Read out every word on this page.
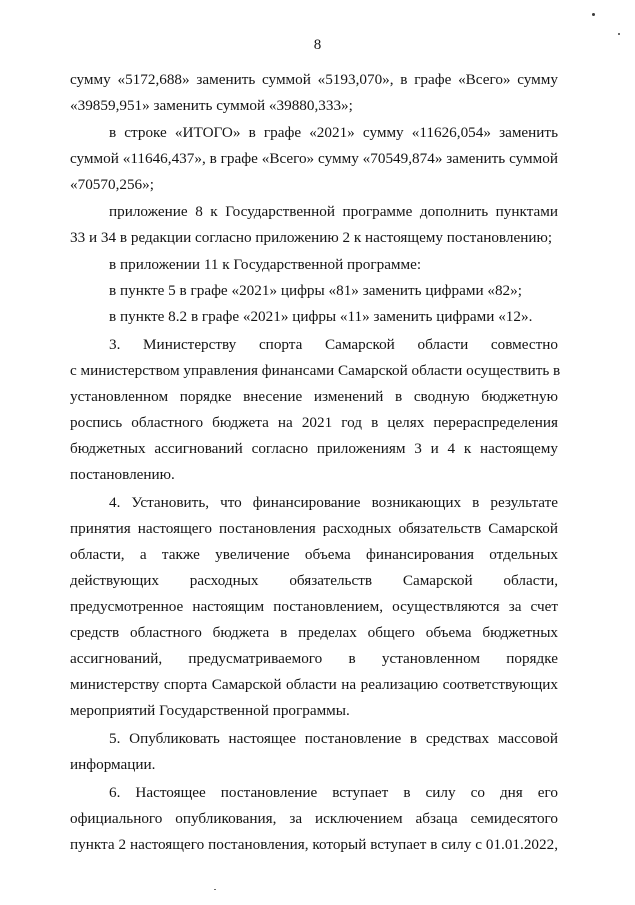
8
сумму «5172,688» заменить суммой «5193,070», в графе «Всего» сумму
«39859,951» заменить суммой «39880,333»;
в строке «ИТОГО» в графе «2021» сумму «11626,054» заменить
суммой «11646,437», в графе «Всего» сумму «70549,874» заменить суммой
«70570,256»;
приложение 8 к Государственной программе дополнить пунктами
33 и 34 в редакции согласно приложению 2 к настоящему постановлению;
в приложении 11 к Государственной программе:
в пункте 5 в графе «2021» цифры «81» заменить цифрами «82»;
в пункте 8.2 в графе «2021» цифры «11» заменить цифрами «12».
3. Министерству спорта Самарской области совместно
с министерством управления финансами Самарской области осуществить в
установленном порядке внесение изменений в сводную бюджетную
роспись областного бюджета на 2021 год в целях перераспределения
бюджетных ассигнований согласно приложениям 3 и 4 к настоящему
постановлению.
4. Установить, что финансирование возникающих в результате
принятия настоящего постановления расходных обязательств Самарской
области, а также увеличение объема финансирования отдельных
действующих расходных обязательств Самарской области,
предусмотренное настоящим постановлением, осуществляются за счет
средств областного бюджета в пределах общего объема бюджетных
ассигнований, предусматриваемого в установленном порядке
министерству спорта Самарской области на реализацию соответствующих
мероприятий Государственной программы.
5. Опубликовать настоящее постановление в средствах массовой
информации.
6. Настоящее постановление вступает в силу со дня его
официального опубликования, за исключением абзаца семидесятого
пункта 2 настоящего постановления, который вступает в силу с 01.01.2022,
